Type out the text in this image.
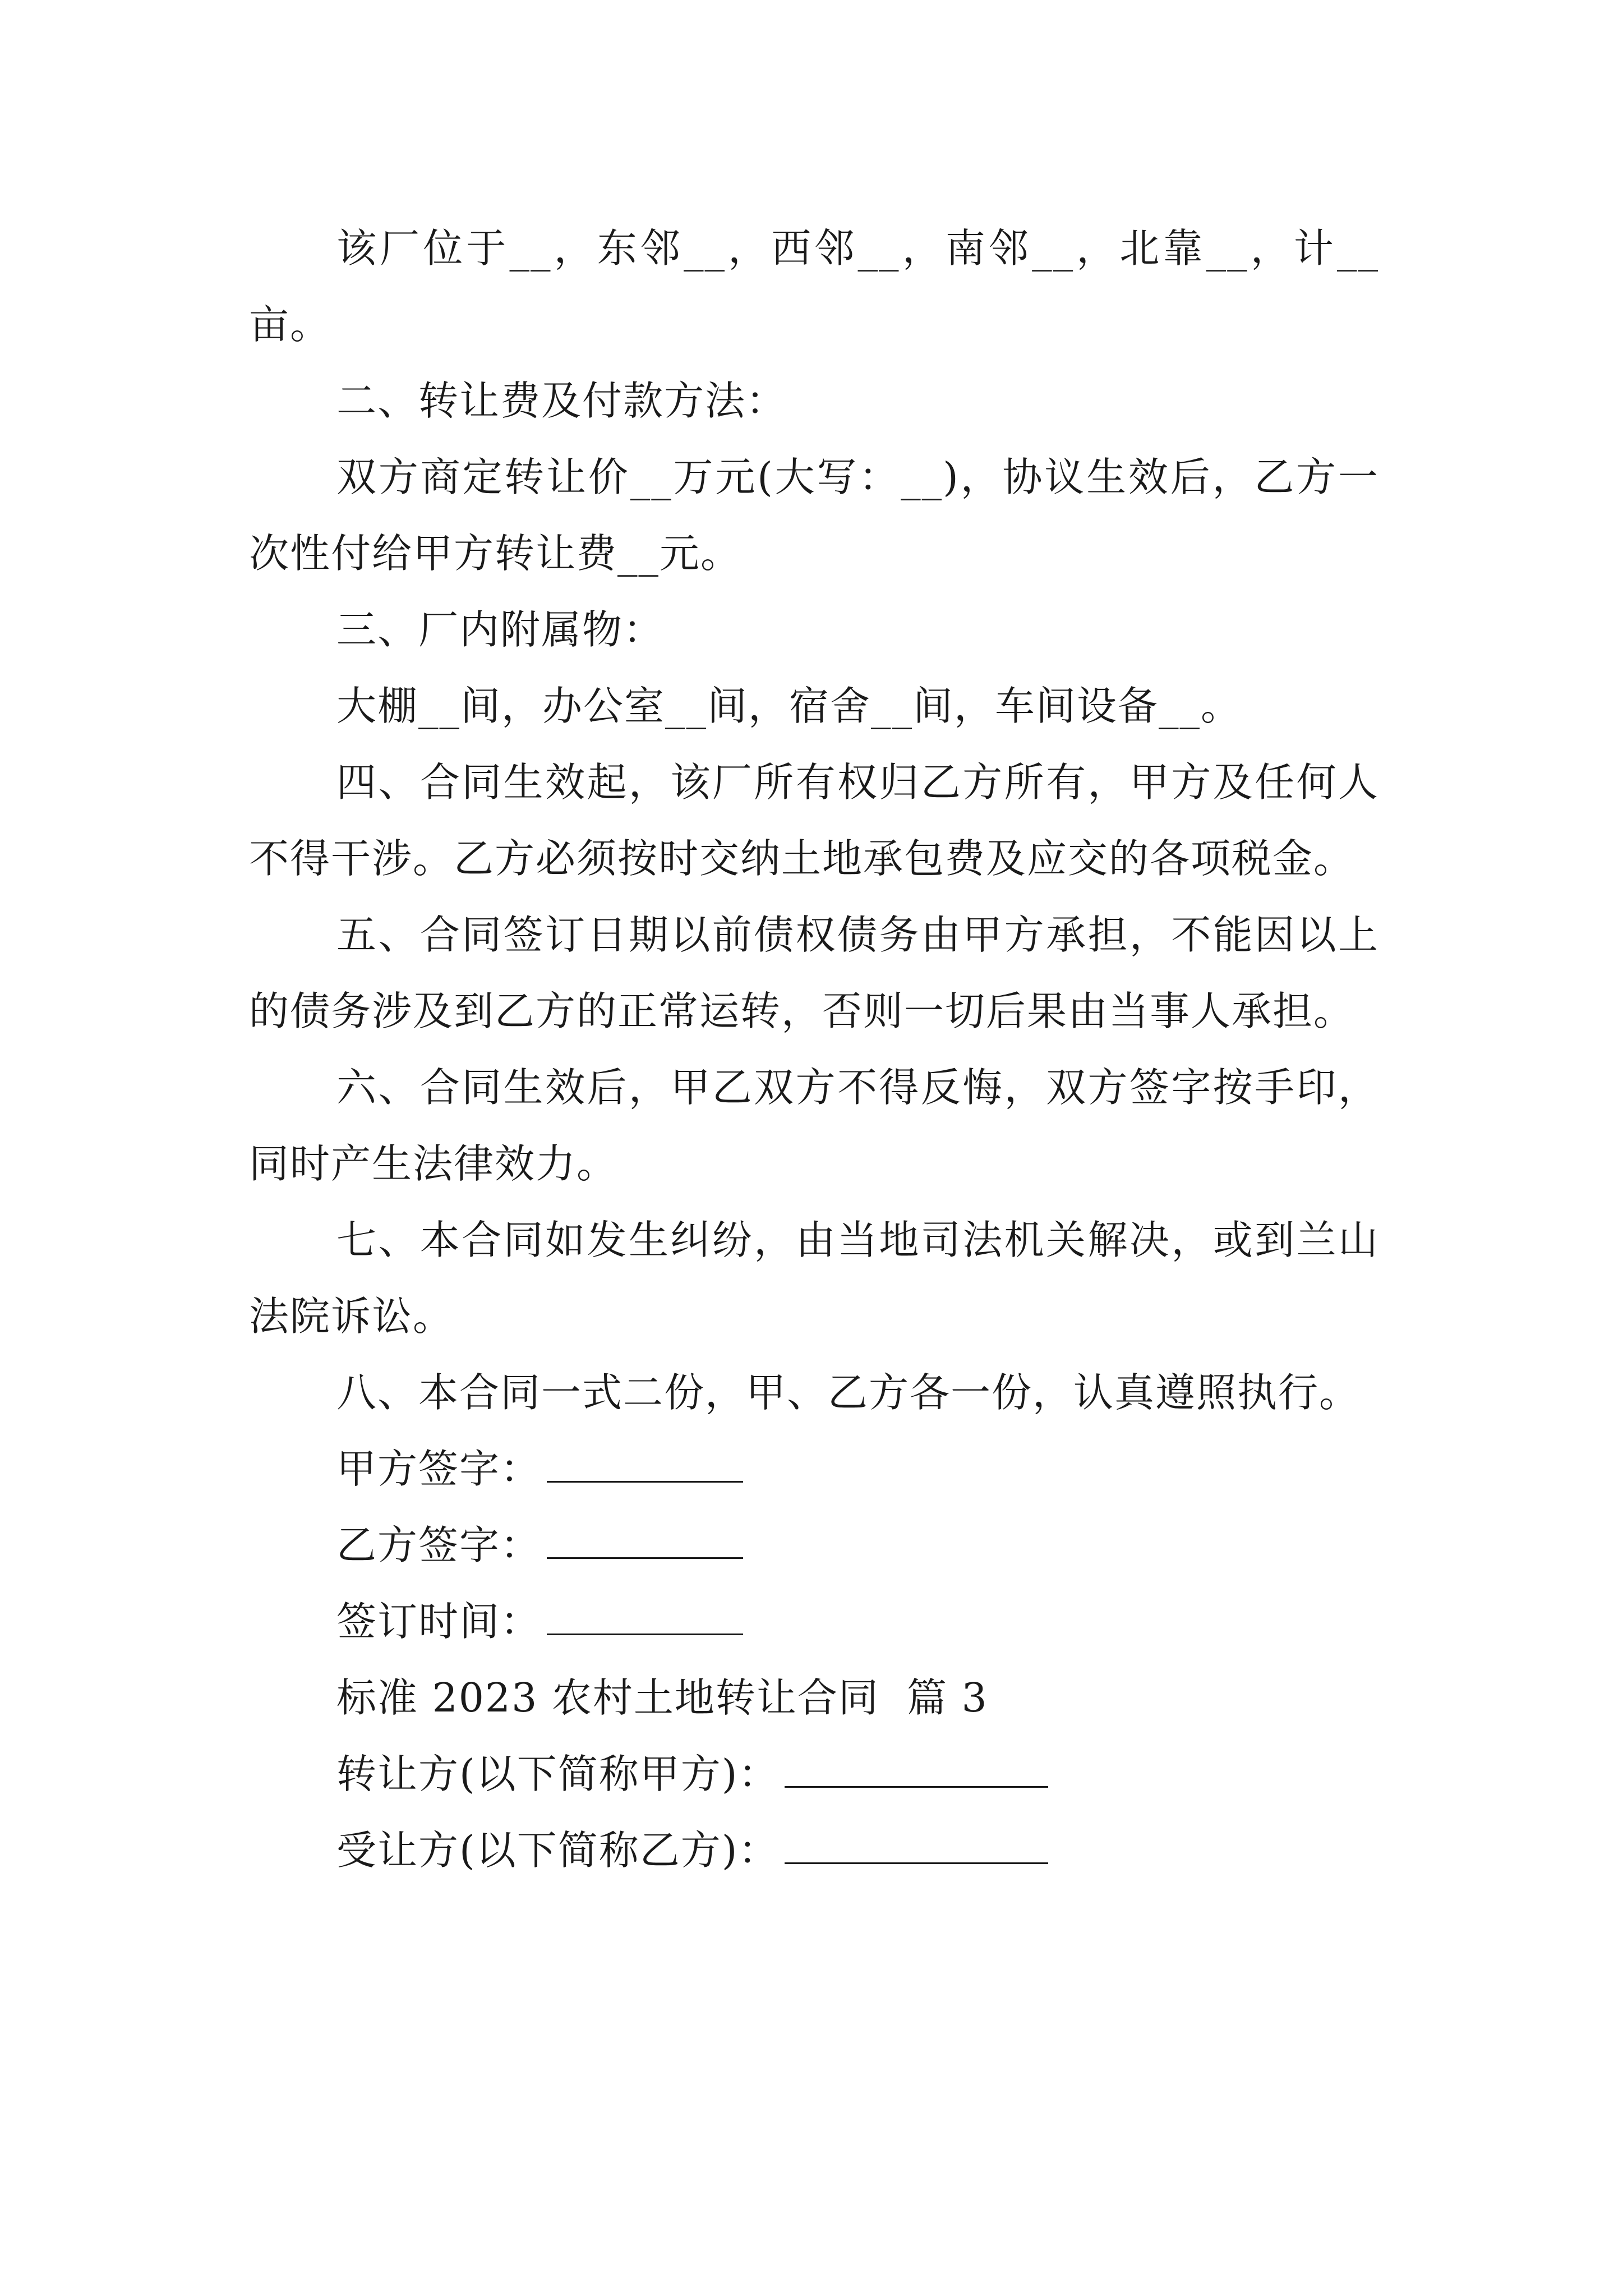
该厂位于__，东邻__，西邻__，南邻__，北靠__，计__亩。

二、转让费及付款方法：

双方商定转让价__万元(大写：__)，协议生效后，乙方一次性付给甲方转让费__元。

三、厂内附属物：

大棚__间，办公室__间，宿舍__间，车间设备__。

四、合同生效起，该厂所有权归乙方所有，甲方及任何人不得干涉。乙方必须按时交纳土地承包费及应交的各项税金。

五、合同签订日期以前债权债务由甲方承担，不能因以上的债务涉及到乙方的正常运转，否则一切后果由当事人承担。

六、合同生效后，甲乙双方不得反悔，双方签字按手印，同时产生法律效力。

七、本合同如发生纠纷，由当地司法机关解决，或到兰山法院诉讼。

八、本合同一式二份，甲、乙方各一份，认真遵照执行。

甲方签字：
乙方签字：
签订时间：
标准 2023 农村土地转让合同  篇 3
转让方(以下简称甲方)：
受让方(以下简称乙方)：
